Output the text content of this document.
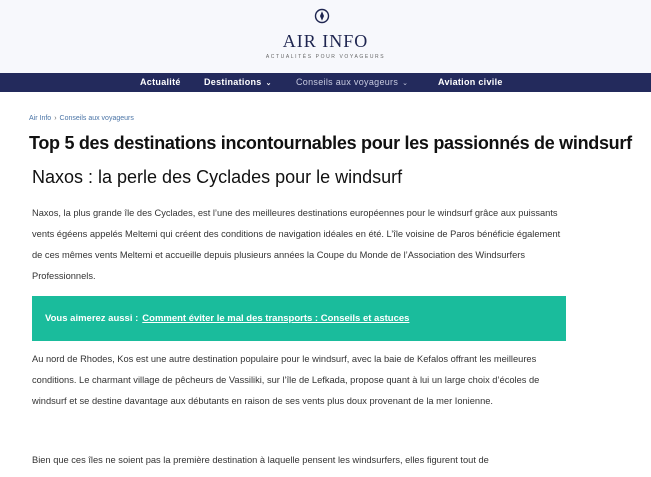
AIR INFO
ACTUALITÉS POUR VOYAGEURS
Actualité	Destinations ⌄	Conseils aux voyageurs ⌄	Aviation civile
Air Info › Conseils aux voyageurs
Top 5 des destinations incontournables pour les passionnés de windsurf
Naxos : la perle des Cyclades pour le windsurf
Naxos, la plus grande île des Cyclades, est l’une des meilleures destinations européennes pour le windsurf grâce aux puissants vents égéens appelés Meltemi qui créent des conditions de navigation idéales en été. L’île voisine de Paros bénéficie également de ces mêmes vents Meltemi et accueille depuis plusieurs années la Coupe du Monde de l’Association des Windsurfers Professionnels.
Vous aimerez aussi : Comment éviter le mal des transports : Conseils et astuces
Au nord de Rhodes, Kos est une autre destination populaire pour le windsurf, avec la baie de Kefalos offrant les meilleures conditions. Le charmant village de pêcheurs de Vassiliki, sur l’île de Lefkada, propose quant à lui un large choix d’écoles de windsurf et se destine davantage aux débutants en raison de ses vents plus doux provenant de la mer Ionienne.
Bien que ces îles ne soient pas la première destination à laquelle pensent les windsurfers, elles figurent tout de
